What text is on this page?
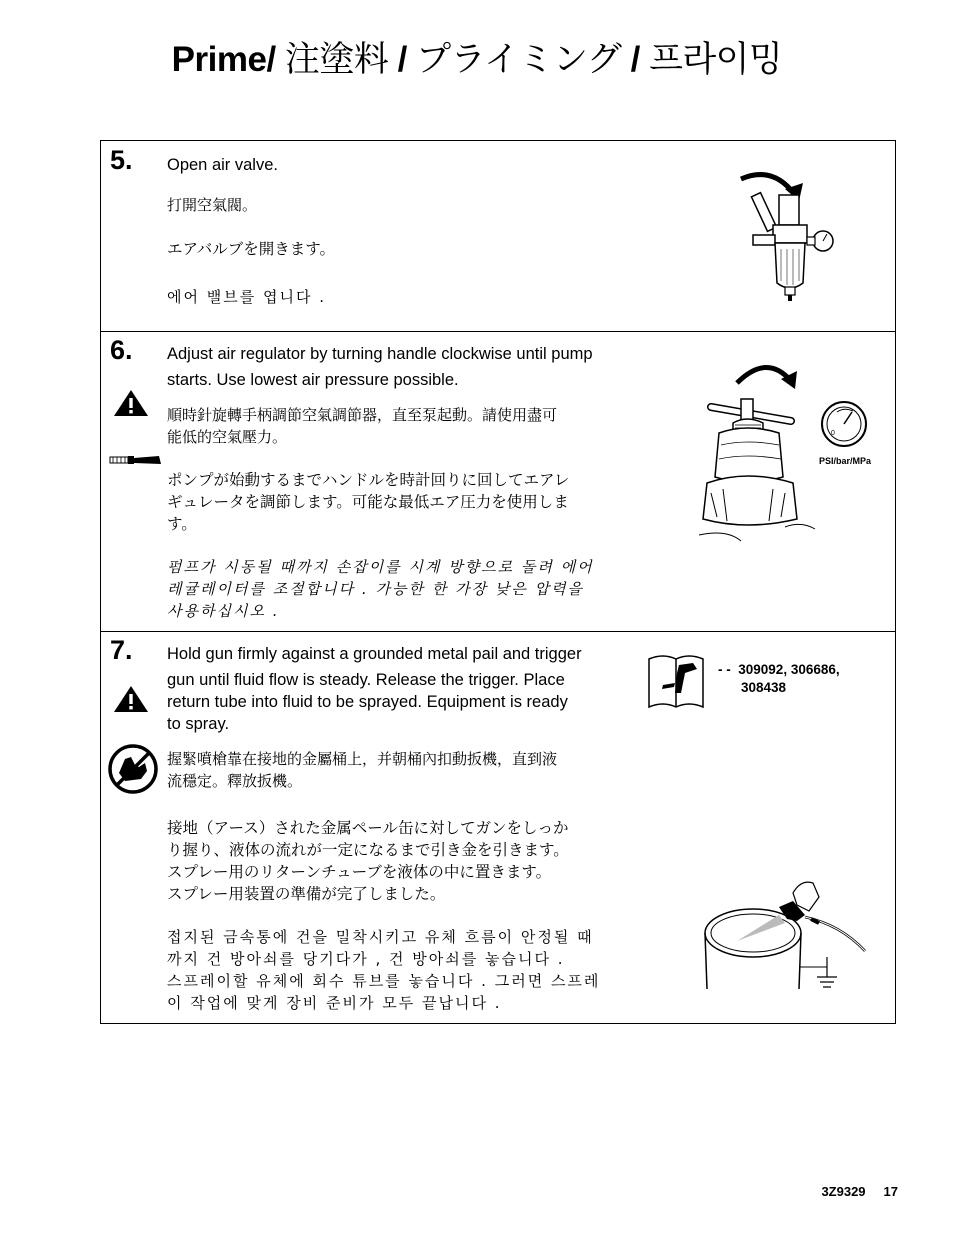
Prime/ 注塗料 / プライミング / 프라이밍
5. Open air valve.
打開空氣閥。
エアバルブを開きます。
에어 밸브를 엽니다 .
6. Adjust air regulator by turning handle clockwise until pump
starts. Use lowest air pressure possible.
順時針旋轉手柄調節空氣調節器，直至泵起動。請使用盡可
能低的空氣壓力。
ポンプが始動するまでハンドルを時計回りに回してエアレ
ギュレータを調節します。可能な最低エア圧力を使用しま
す。
펌프가 시동될 때까지 손잡이를 시계 방향으로 돌려 에어
레귤레이터를 조절합니다 . 가능한 한 가장 낮은 압력을
사용하십시오 .
0
PSI/bar/MPa
7. Hold gun firmly against a grounded metal pail and trigger
gun until fluid flow is steady. Release the trigger. Place
return tube into fluid to be sprayed. Equipment is ready
to spray.
握緊噴槍靠在接地的金屬桶上，并朝桶內扣動扳機，直到液
流穩定。釋放扳機。
接地（アース）された金属ペール缶に対してガンをしっか
り握り、液体の流れが一定になるまで引き金を引きます。
スプレー用のリターンチューブを液体の中に置きます。
スプレー用装置の準備が完了しました。
접지된 금속통에 건을 밀착시키고 유체 흐름이 안정될 때
까지 건 방아쇠를 당기다가 , 건 방아쇠를 놓습니다 .
스프레이할 유체에 회수 튜브를 놓습니다 . 그러면 스프레
이 작업에 맞게 장비 준비가 모두 끝납니다 .
- - 309092, 306686,
308438
3Z9329 17
